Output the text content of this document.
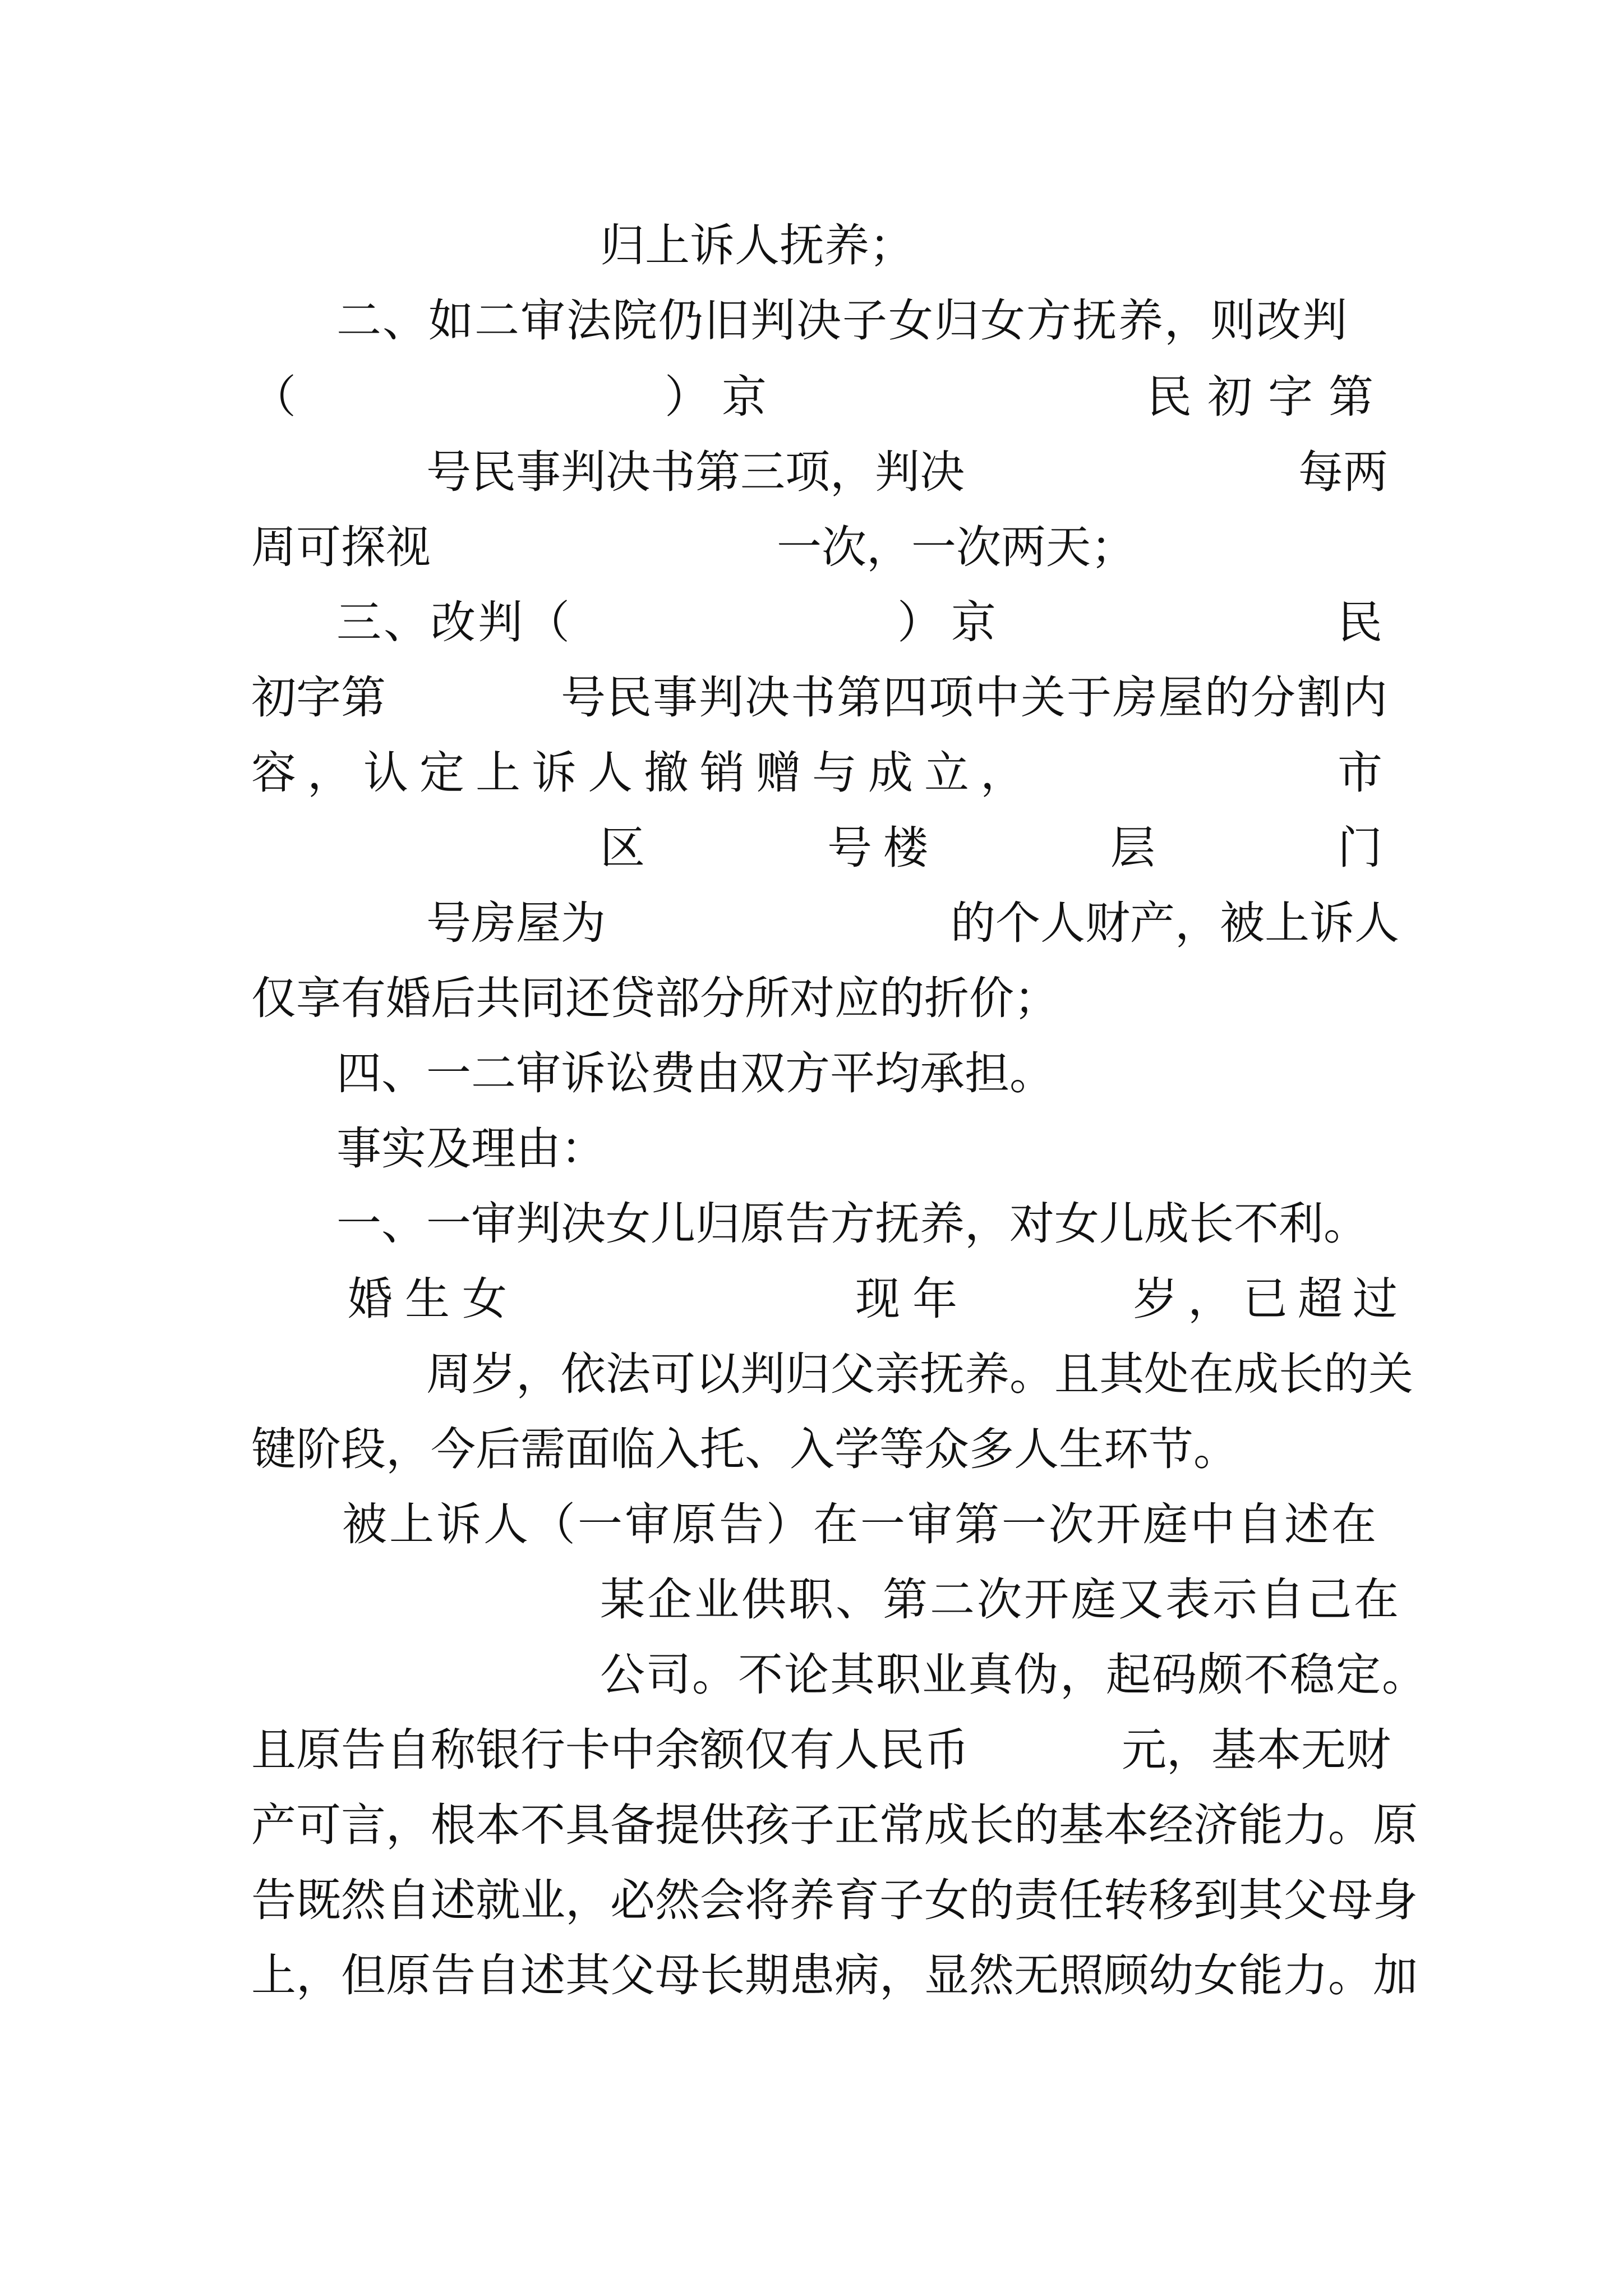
归上诉人抚养；
二、如二审法院仍旧判决子女归女方抚养，则改判
（	）京	民初字第
号民事判决书第三项，判决	每两
周可探视	一次，一次两天；
三、改判（	）京	民
初字第	号民事判决书第四项中关于房屋的分割内
容，认定上诉人撤销赠与成立，	市
区	号楼	层	门
号房屋为	的个人财产，被上诉人
仅享有婚后共同还贷部分所对应的折价；
四、一二审诉讼费由双方平均承担。
事实及理由：
一、一审判决女儿归原告方抚养，对女儿成长不利。
婚生女	现年	岁，已超过
周岁，依法可以判归父亲抚养。且其处在成长的关
键阶段，今后需面临入托、入学等众多人生环节。
被上诉人（一审原告）在一审第一次开庭中自述在
某企业供职、第二次开庭又表示自己在
公司。不论其职业真伪，起码颇不稳定。
且原告自称银行卡中余额仅有人民币	元，基本无财
产可言，根本不具备提供孩子正常成长的基本经济能力。原
告既然自述就业，必然会将养育子女的责任转移到其父母身
上，但原告自述其父母长期患病，显然无照顾幼女能力。加
